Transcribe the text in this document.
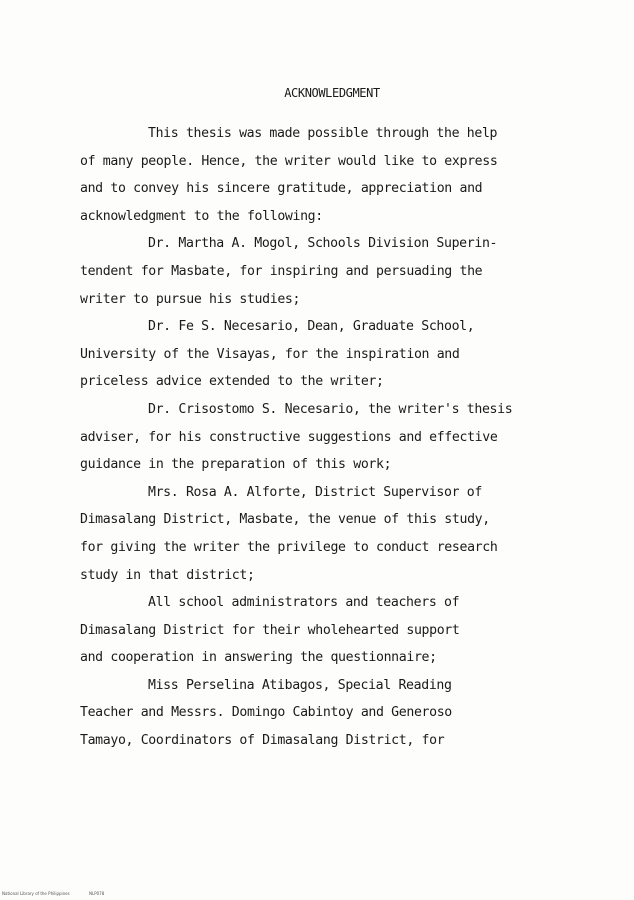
ACKNOWLEDGMENT
This thesis was made possible through the help
of many people. Hence, the writer would like to express
and to convey his sincere gratitude, appreciation and
acknowledgment to the following:
Dr. Martha A. Mogol, Schools Division Superin-
tendent for Masbate, for inspiring and persuading the
writer to pursue his studies;
Dr. Fe S. Necesario, Dean, Graduate School,
University of the Visayas, for the inspiration and
priceless advice extended to the writer;
Dr. Crisostomo S. Necesario, the writer's thesis
adviser, for his constructive suggestions and effective
guidance in the preparation of this work;
Mrs. Rosa A. Alforte, District Supervisor of
Dimasalang District, Masbate, the venue of this study,
for giving the writer the privilege to conduct research
study in that district;
All school administrators and teachers of
Dimasalang District for their wholehearted support
and cooperation in answering the questionnaire;
Miss Perselina Atibagos, Special Reading
Teacher and Messrs. Domingo Cabintoy and Generoso
Tamayo, Coordinators of Dimasalang District, for
National Library of the Philippines	NLP078
